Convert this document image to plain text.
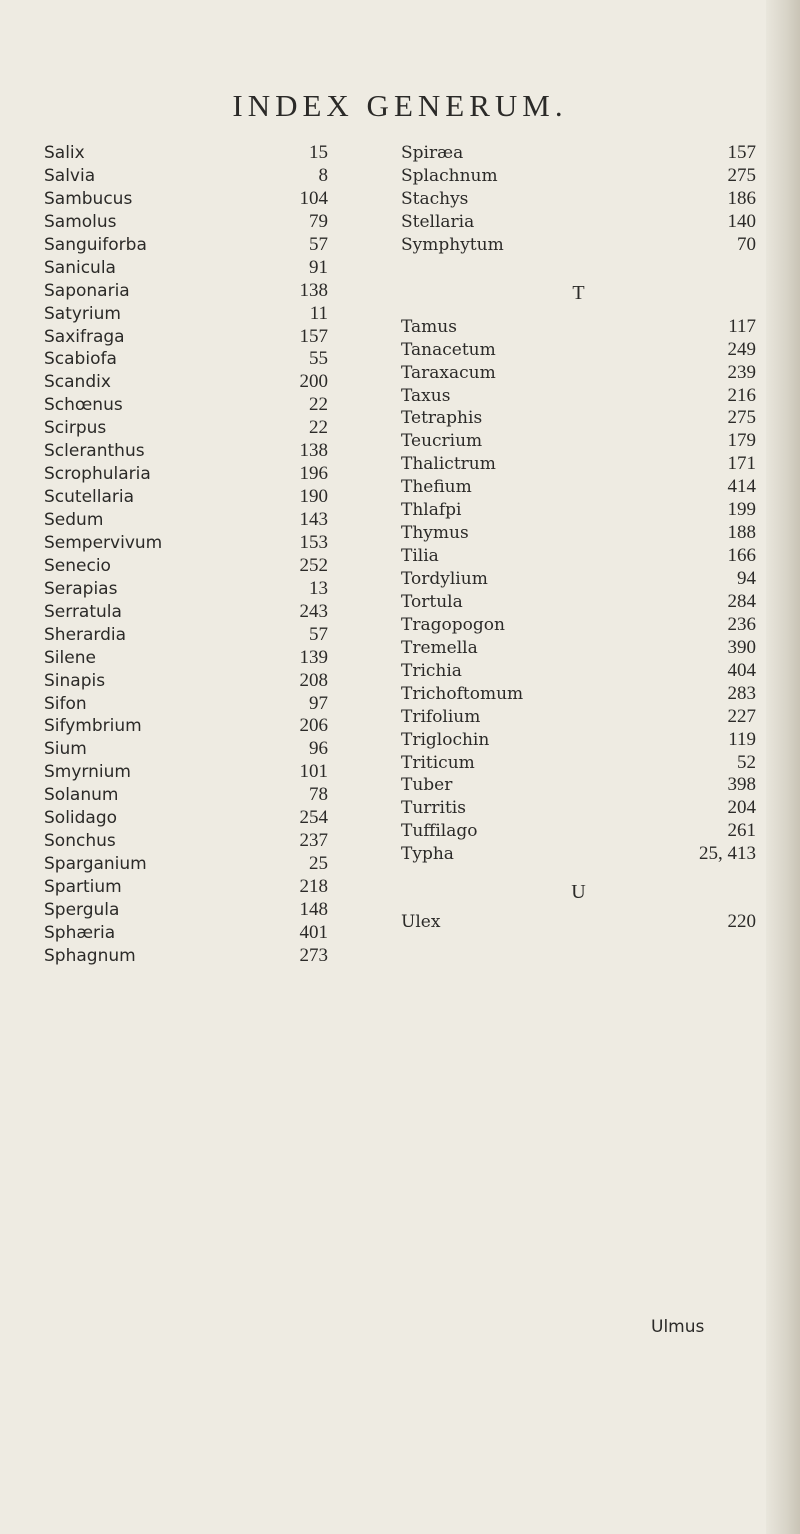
INDEX GENERUM.
Salix	15
Salvia	8
Sambucus	104
Samolus	79
Sanguiforba	57
Sanicula	91
Saponaria	138
Satyrium	11
Saxifraga	157
Scabiofa	55
Scandix	200
Schœnus	22
Scirpus	22
Scleranthus	138
Scrophularia	196
Scutellaria	190
Sedum	143
Sempervivum	153
Senecio	252
Serapias	13
Serratula	243
Sherardia	57
Silene	139
Sinapis	208
Sifon	97
Sifymbrium	206
Sium	96
Smyrnium	101
Solanum	78
Solidago	254
Sonchus	237
Sparganium	25
Spartium	218
Spergula	148
Sphæria	401
Sphagnum	273
Spiræa	157
Splachnum	275
Stachys	186
Stellaria	140
Symphytum	70
T
Tamus	117
Tanacetum	249
Taraxacum	239
Taxus	216
Tetraphis	275
Teucrium	179
Thalictrum	171
Thefium	414
Thlafpi	199
Thymus	188
Tilia	166
Tordylium	94
Tortula	284
Tragopogon	236
Tremella	390
Trichia	404
Trichoftomum	283
Trifolium	227
Triglochin	119
Triticum	52
Tuber	398
Turritis	204
Tuffilago	261
Typha	25, 413
U
Ulex	220
Ulmus
